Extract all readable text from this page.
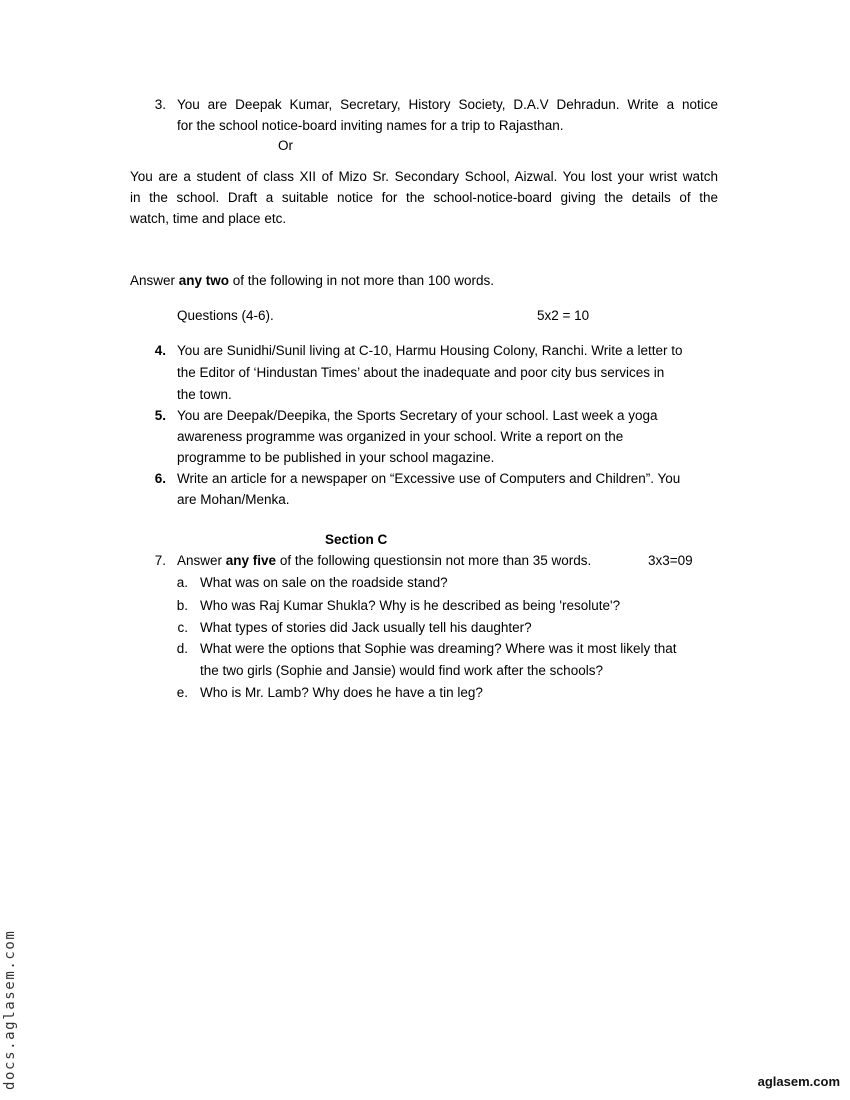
3. You are Deepak Kumar, Secretary, History Society, D.A.V Dehradun. Write a notice
for the school notice-board inviting names for a trip to Rajasthan.
Or
You are a student of class XII of Mizo Sr. Secondary School, Aizwal. You lost your wrist watch
in the school. Draft a suitable notice for the school-notice-board giving the details of the
watch, time and place etc.
Answer any two of the following in not more than 100 words.
Questions (4-6).	5x2 = 10
4. You are Sunidhi/Sunil living at C-10, Harmu Housing Colony, Ranchi. Write a letter to
the Editor of ‘Hindustan Times’ about the inadequate and poor city bus services in
the town.
5. You are Deepak/Deepika, the Sports Secretary of your school. Last week a yoga
awareness programme was organized in your school. Write a report on the
programme to be published in your school magazine.
6. Write an article for a newspaper on “Excessive use of Computers and Children”. You
are Mohan/Menka.
Section C
7. Answer any five of the following questionsin not more than 35 words.	3x3=09
a. What was on sale on the roadside stand?
b. Who was Raj Kumar Shukla? Why is he described as being 'resolute'?
c. What types of stories did Jack usually tell his daughter?
d. What were the options that Sophie was dreaming? Where was it most likely that
the two girls (Sophie and Jansie) would find work after the schools?
e. Who is Mr. Lamb? Why does he have a tin leg?
docs.aglasem.com	aglasem.com
